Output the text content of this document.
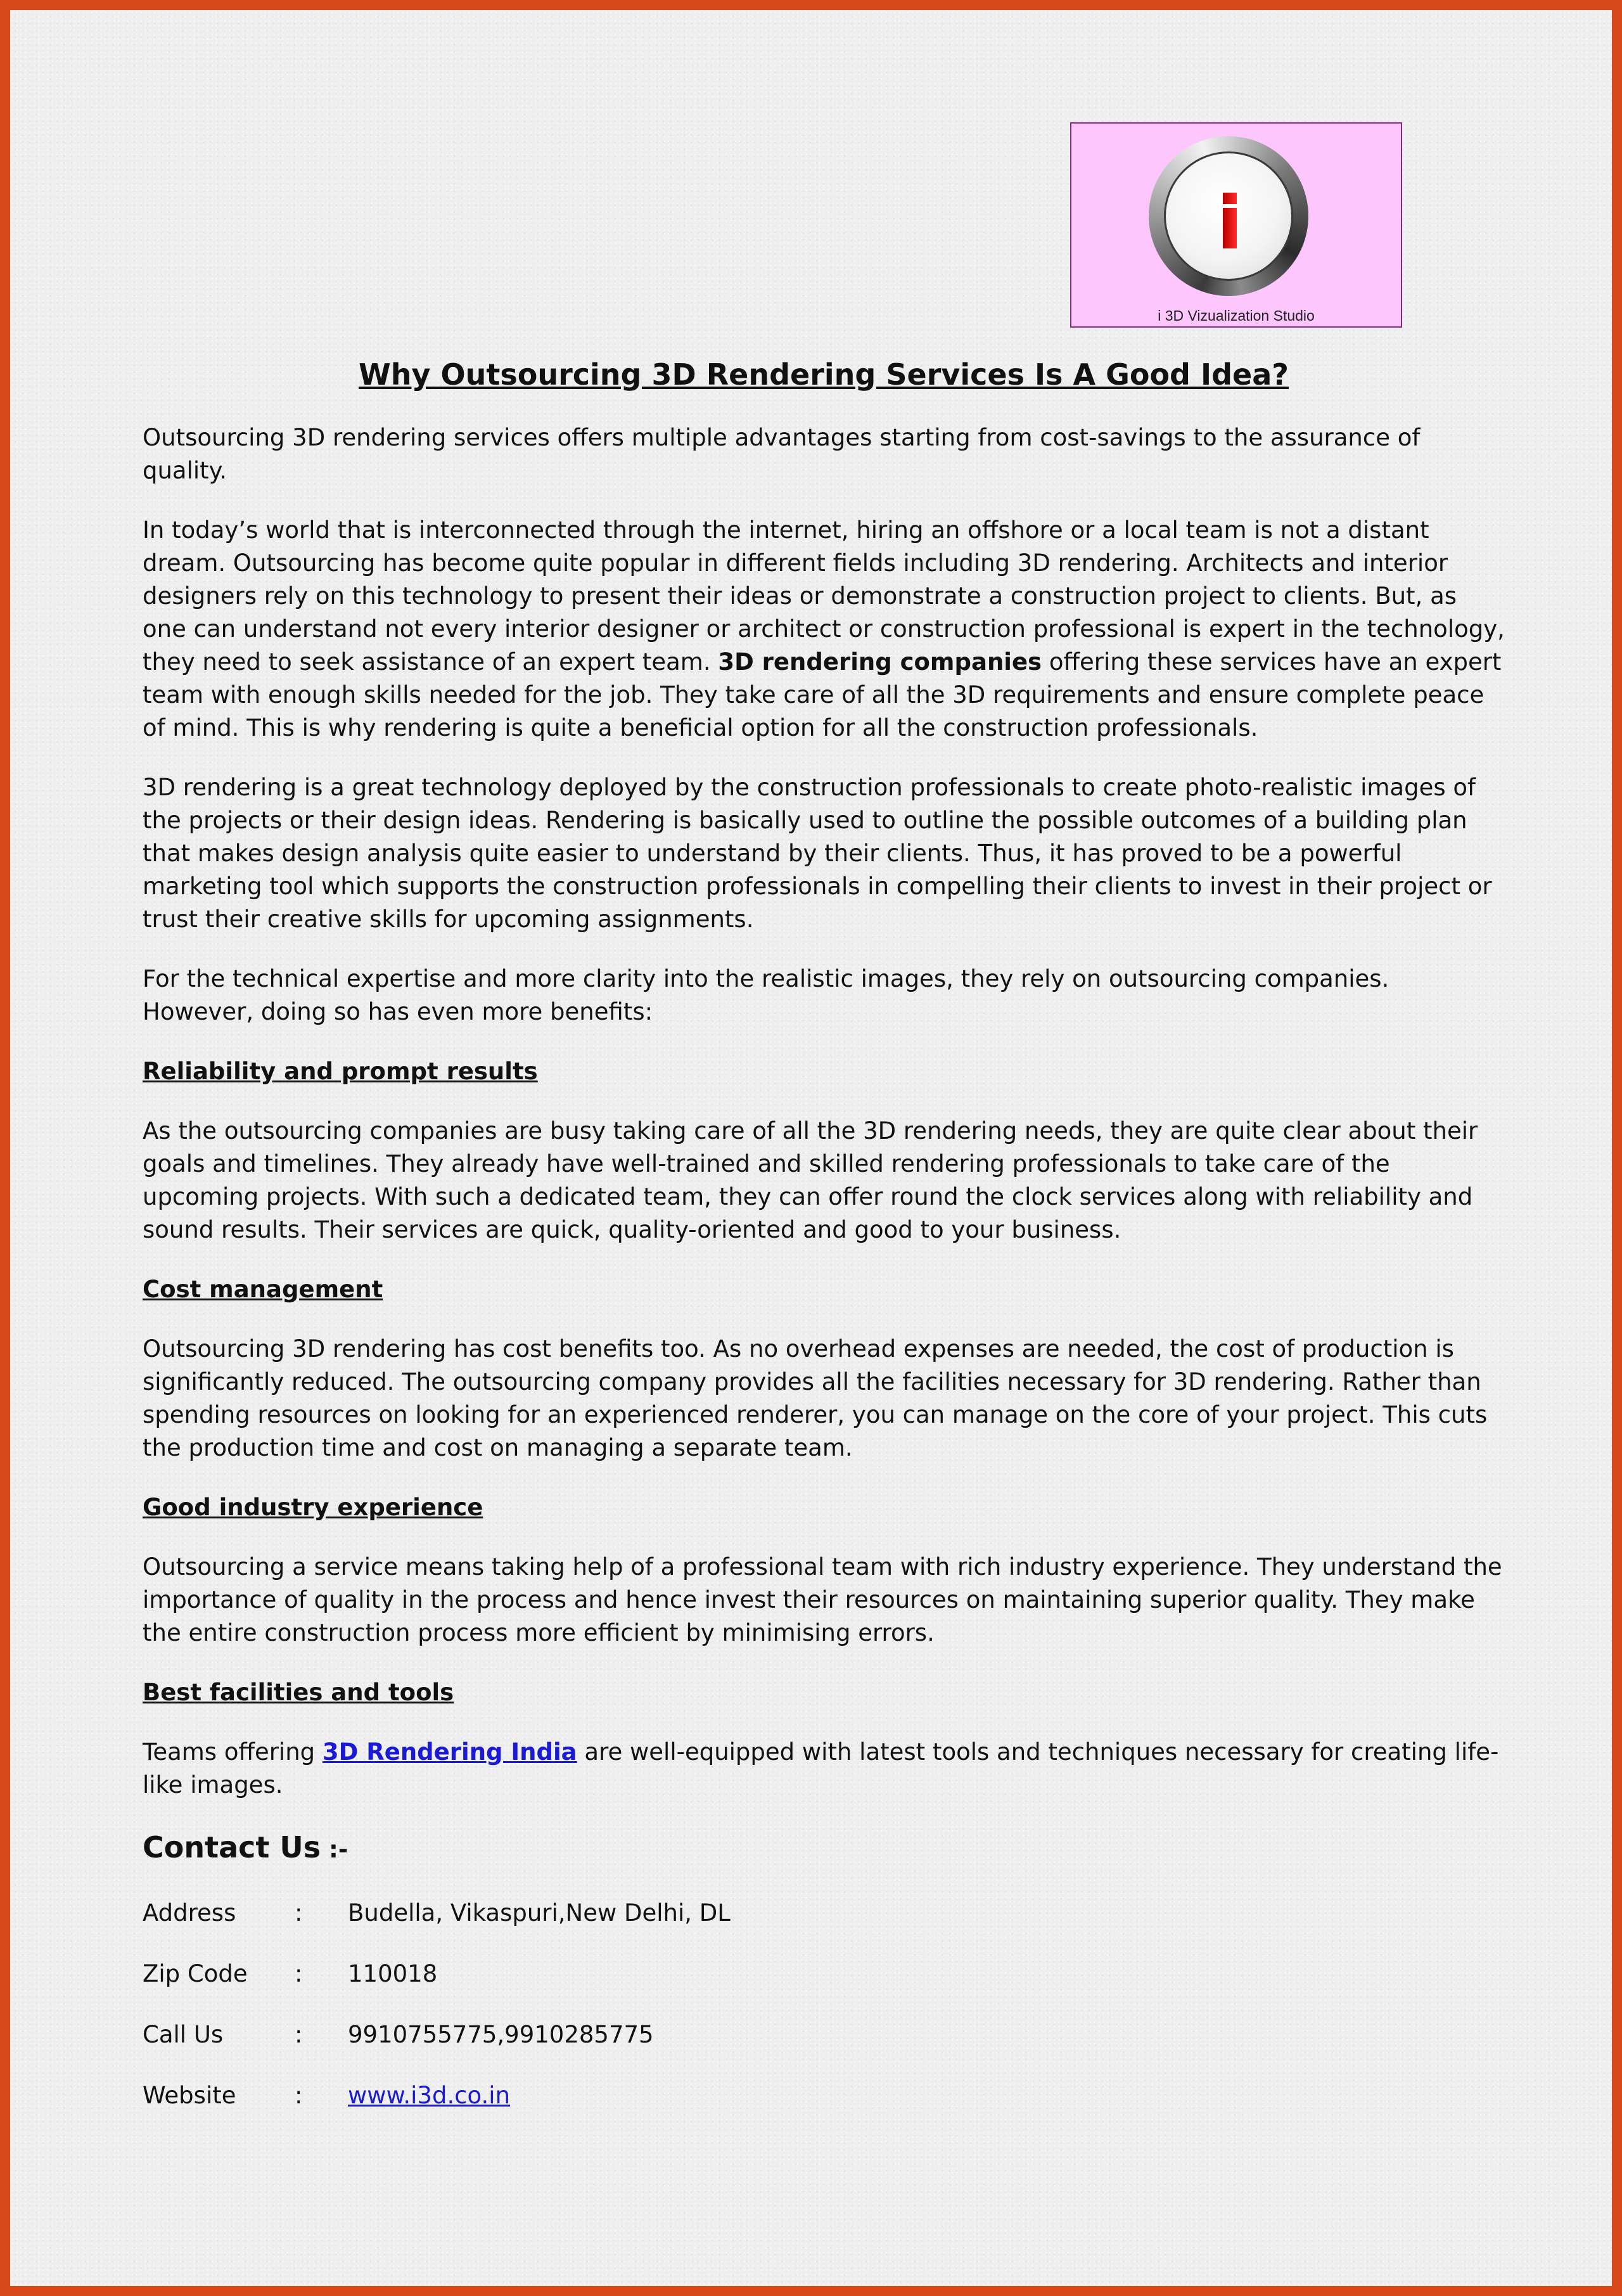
i 3D Vizualization Studio
Why Outsourcing 3D Rendering Services Is A Good Idea?

Outsourcing 3D rendering services offers multiple advantages starting from cost-savings to the assurance of quality.

In today’s world that is interconnected through the internet, hiring an offshore or a local team is not a distant dream. Outsourcing has become quite popular in different fields including 3D rendering. Architects and interior designers rely on this technology to present their ideas or demonstrate a construction project to clients. But, as one can understand not every interior designer or architect or construction professional is expert in the technology, they need to seek assistance of an expert team. 3D rendering companies offering these services have an expert team with enough skills needed for the job. They take care of all the 3D requirements and ensure complete peace of mind. This is why rendering is quite a beneficial option for all the construction professionals.

3D rendering is a great technology deployed by the construction professionals to create photo-realistic images of the projects or their design ideas. Rendering is basically used to outline the possible outcomes of a building plan that makes design analysis quite easier to understand by their clients. Thus, it has proved to be a powerful marketing tool which supports the construction professionals in compelling their clients to invest in their project or trust their creative skills for upcoming assignments.

For the technical expertise and more clarity into the realistic images, they rely on outsourcing companies. However, doing so has even more benefits:

Reliability and prompt results

As the outsourcing companies are busy taking care of all the 3D rendering needs, they are quite clear about their goals and timelines. They already have well-trained and skilled rendering professionals to take care of the upcoming projects. With such a dedicated team, they can offer round the clock services along with reliability and sound results. Their services are quick, quality-oriented and good to your business.

Cost management

Outsourcing 3D rendering has cost benefits too. As no overhead expenses are needed, the cost of production is significantly reduced. The outsourcing company provides all the facilities necessary for 3D rendering. Rather than spending resources on looking for an experienced renderer, you can manage on the core of your project. This cuts the production time and cost on managing a separate team.

Good industry experience

Outsourcing a service means taking help of a professional team with rich industry experience. They understand the importance of quality in the process and hence invest their resources on maintaining superior quality. They make the entire construction process more efficient by minimising errors.

Best facilities and tools

Teams offering 3D Rendering India are well-equipped with latest tools and techniques necessary for creating life-like images.

Contact Us :-
Address	:	Budella, Vikaspuri,New Delhi, DL
Zip Code	:	110018
Call Us	:	9910755775,9910285775
Website	:	www.i3d.co.in
